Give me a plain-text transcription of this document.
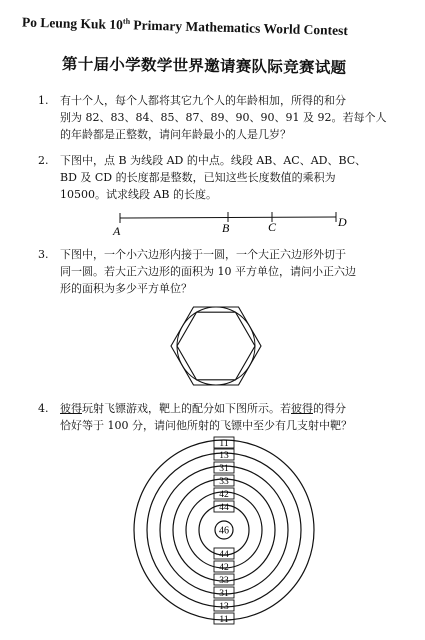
Po Leung Kuk 10th Primary Mathematics World Contest
第十届小学数学世界邀请赛队际竞赛试题
1. 有十个人，每个人都将其它九个人的年龄相加，所得的和分
别为 82、83、84、85、87、89、90、90、91 及 92。若每个人
的年龄都是正整数，请问年龄最小的人是几岁？
2. 下图中，点 B 为线段 AD 的中点。线段 AB、AC、AD、BC、
BD 及 CD 的长度都是整数，已知这些长度数值的乘积为
10500。试求线段 AB 的长度。
A	B	C	D
3. 下图中，一个小六边形内接于一圆，一个大正六边形外切于
同一圆。若大正六边形的面积为 10 平方单位，请问小正六边
形的面积为多少平方单位？
4. 彼得玩射飞镖游戏，靶上的配分如下图所示。若彼得的得分
恰好等于 100 分，请问他所射的飞镖中至少有几支射中靶？
11
13
31
33
42
44
46
44
42
33
31
13
11
